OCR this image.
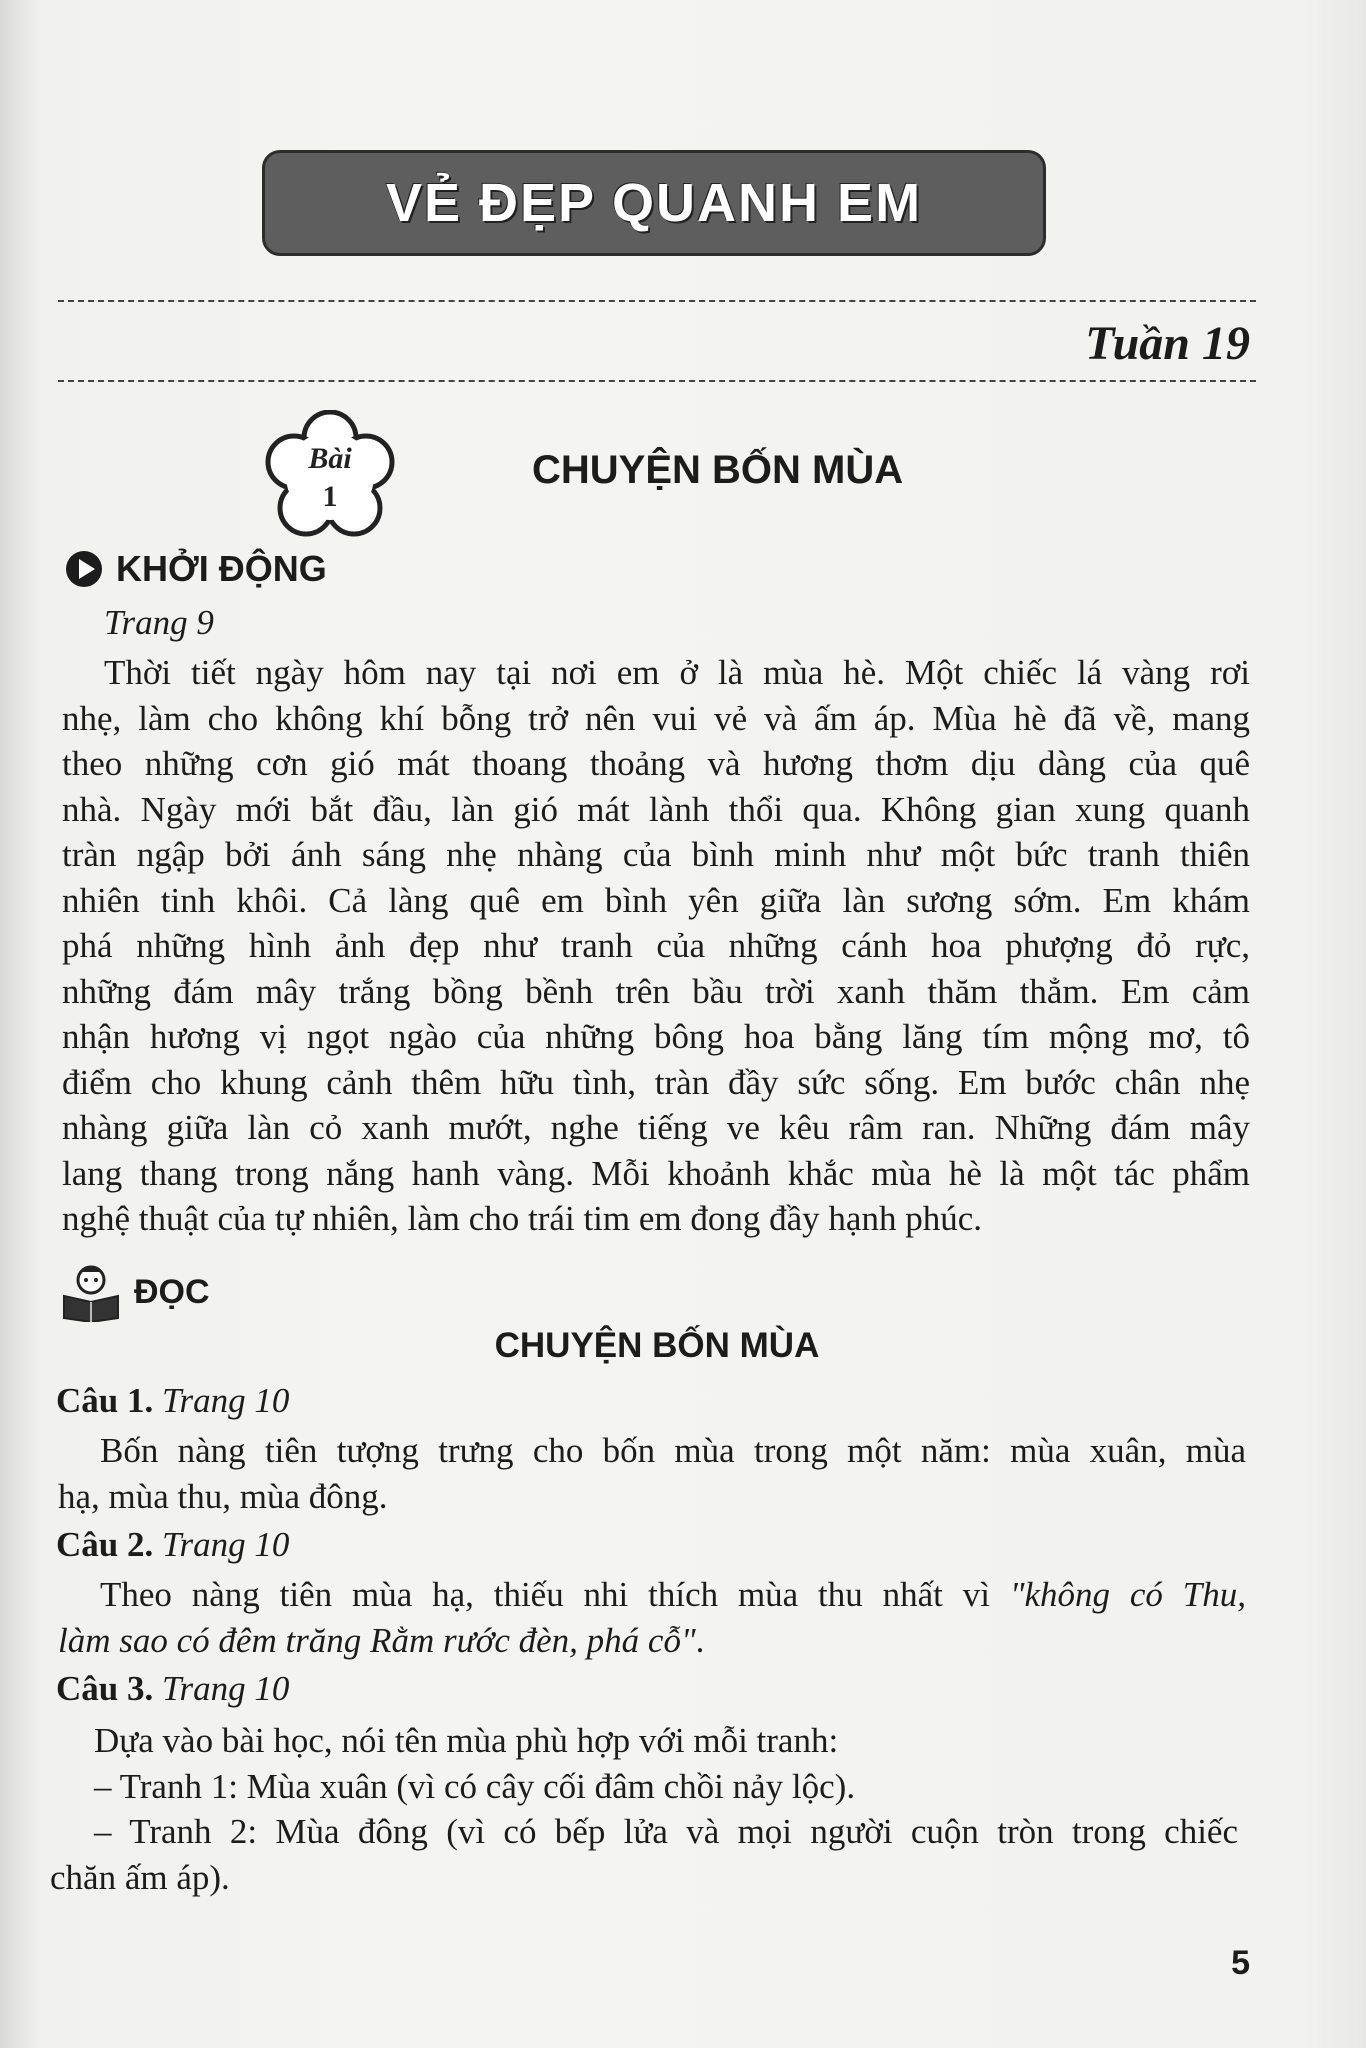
VẺ ĐẸP QUANH EM
Tuần 19
Bài
1
CHUYỆN BỐN MÙA
KHỞI ĐỘNG
Trang 9
Thời tiết ngày hôm nay tại nơi em ở là mùa hè. Một chiếc lá vàng rơi
nhẹ, làm cho không khí bỗng trở nên vui vẻ và ấm áp. Mùa hè đã về, mang
theo những cơn gió mát thoang thoảng và hương thơm dịu dàng của quê
nhà. Ngày mới bắt đầu, làn gió mát lành thổi qua. Không gian xung quanh
tràn ngập bởi ánh sáng nhẹ nhàng của bình minh như một bức tranh thiên
nhiên tinh khôi. Cả làng quê em bình yên giữa làn sương sớm. Em khám
phá những hình ảnh đẹp như tranh của những cánh hoa phượng đỏ rực,
những đám mây trắng bồng bềnh trên bầu trời xanh thăm thẳm. Em cảm
nhận hương vị ngọt ngào của những bông hoa bằng lăng tím mộng mơ, tô
điểm cho khung cảnh thêm hữu tình, tràn đầy sức sống. Em bước chân nhẹ
nhàng giữa làn cỏ xanh mướt, nghe tiếng ve kêu râm ran. Những đám mây
lang thang trong nắng hanh vàng. Mỗi khoảnh khắc mùa hè là một tác phẩm
nghệ thuật của tự nhiên, làm cho trái tim em đong đầy hạnh phúc.
ĐỌC
CHUYỆN BỐN MÙA
Câu 1. Trang 10
Bốn nàng tiên tượng trưng cho bốn mùa trong một năm: mùa xuân, mùa
hạ, mùa thu, mùa đông.
Câu 2. Trang 10
Theo nàng tiên mùa hạ, thiếu nhi thích mùa thu nhất vì "không có Thu,
làm sao có đêm trăng Rằm rước đèn, phá cỗ".
Câu 3. Trang 10
Dựa vào bài học, nói tên mùa phù hợp với mỗi tranh:
– Tranh 1: Mùa xuân (vì có cây cối đâm chồi nảy lộc).
– Tranh 2: Mùa đông (vì có bếp lửa và mọi người cuộn tròn trong chiếc
chăn ấm áp).
5
